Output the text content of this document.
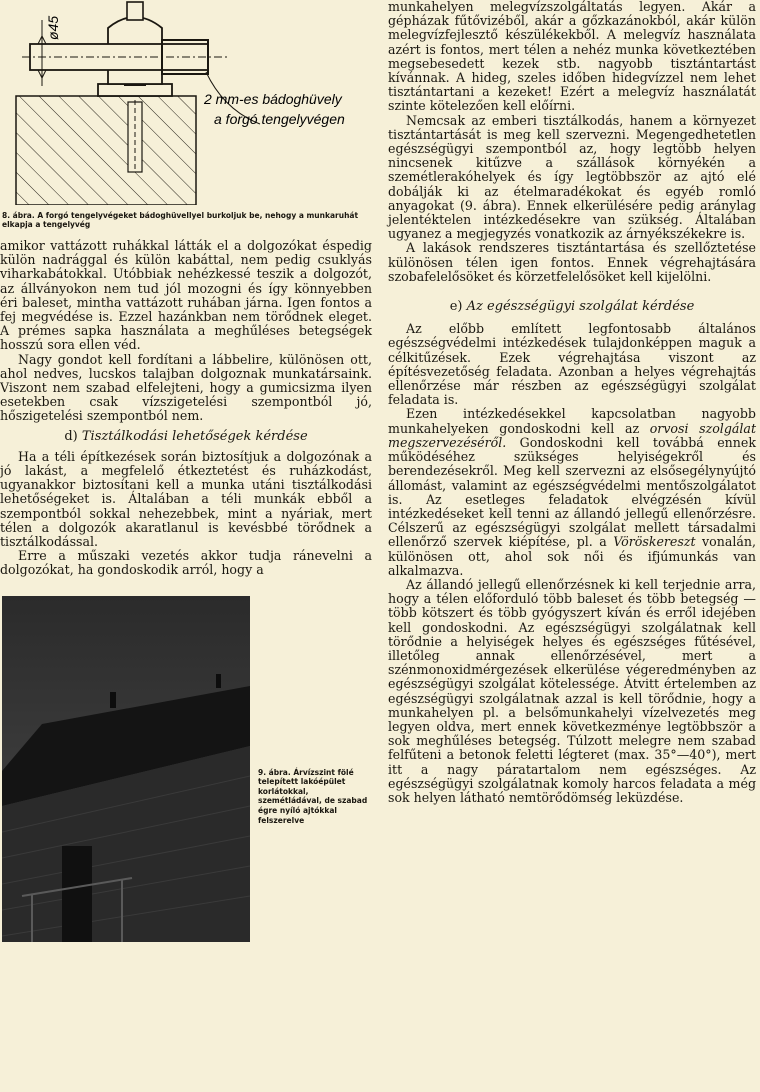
ø45
2 mm-es bádoghüvely
a forgó tengelyvégen
8. ábra. A forgó tengelyvégeket bádoghüvellyel burkoljuk be, nehogy a munkaruhát elkapja a tengelyvég

amikor vattázott ruhákkal látták el a dolgozókat éspedig külön nadrággal és külön kabáttal, nem pedig csuklyás viharkabátokkal. Utóbbiak nehézkessé teszik a dolgozót, az állványokon nem tud jól mozogni és így könnyebben éri baleset, mintha vattázott ruhában járna. Igen fontos a fej megvédése is. Ezzel hazánkban nem törődnek eleget. A prémes sapka használata a meghűléses betegségek hosszú sora ellen véd.

Nagy gondot kell fordítani a lábbelire, különösen ott, ahol nedves, lucskos talajban dolgoznak munkatársaink. Viszont nem szabad elfelejteni, hogy a gumicsizma ilyen esetekben csak vízszigetelési szempontból jó, hőszigetelési szempontból nem.

d) Tisztálkodási lehetőségek kérdése

Ha a téli építkezések során biztosítjuk a dolgozónak a jó lakást, a megfelelő étkeztetést és ruházkodást, ugyanakkor biztosítani kell a munka utáni tisztálkodási lehetőségeket is. Általában a téli munkák ebből a szempontból sokkal nehezebbek, mint a nyáriak, mert télen a dolgozók akaratlanul is kevésbbé törődnek a tisztálkodással.

Erre a műszaki vezetés akkor tudja ránevelni a dolgozókat, ha gondoskodik arról, hogy a

9. ábra. Árvízszint fölé telepített lakóépület korlátokkal, szemétládával, de szabad égre nyíló ajtókkal felszerelve

munkahelyen melegvízszolgáltatás legyen. Akár a gépházak fűtővizéből, akár a gőzkazánokból, akár külön melegvízfejlesztő készülékekből. A melegvíz használata azért is fontos, mert télen a nehéz munka következtében megsebesedett kezek stb. nagyobb tisztántartást kívánnak. A hideg, szeles időben hidegvízzel nem lehet tisztántartani a kezeket! Ezért a melegvíz használatát szinte kötelezően kell előírni.

Nemcsak az emberi tisztálkodás, hanem a környezet tisztántartását is meg kell szervezni. Megengedhetetlen egészségügyi szempontból az, hogy legtöbb helyen nincsenek kitűzve a szállások környékén a szemétlerakóhelyek és így legtöbbször az ajtó elé dobálják ki az ételmaradékokat és egyéb romló anyagokat (9. ábra). Ennek elkerülésére pedig aránylag jelentéktelen intézkedésekre van szükség. Általában ugyanez a megjegyzés vonatkozik az árnyékszékekre is.

A lakások rendszeres tisztántartása és szellőztetése különösen télen igen fontos. Ennek végrehajtására szobafelelősöket és körzetfelelősöket kell kijelölni.

e) Az egészségügyi szolgálat kérdése

Az előbb említett legfontosabb általános egészségvédelmi intézkedések tulajdonképpen maguk a célkitűzések. Ezek végrehajtása viszont az építésvezetőség feladata. Azonban a helyes végrehajtás ellenőrzése már részben az egészségügyi szolgálat feladata is.

Ezen intézkedésekkel kapcsolatban nagyobb munkahelyeken gondoskodni kell az orvosi szolgálat megszervezéséről. Gondoskodni kell továbbá ennek működéséhez szükséges helyiségekről és berendezésekről. Meg kell szervezni az elsősegélynyújtó állomást, valamint az egészségvédelmi mentőszolgálatot is. Az esetleges feladatok elvégzésén kívül intézkedéseket kell tenni az állandó jellegű ellenőrzésre. Célszerű az egészségügyi szolgálat mellett társadalmi ellenőrző szervek kiépítése, pl. a Vöröskereszt vonalán, különösen ott, ahol sok női és ifjúmunkás van alkalmazva.

Az állandó jellegű ellenőrzésnek ki kell terjednie arra, hogy a télen előforduló több baleset és több betegség — több kötszert és több gyógyszert kíván és erről idejében kell gondoskodni. Az egészségügyi szolgálatnak kell törődnie a helyiségek helyes és egészséges fűtésével, illetőleg annak ellenőrzésével, mert a szénmonoxidmérgezések elkerülése végeredményben az egészségügyi szolgálat kötelessége. Átvitt értelemben az egészségügyi szolgálatnak azzal is kell törődnie, hogy a munkahelyen pl. a belsőmunkahelyi vízelvezetés meg legyen oldva, mert ennek következménye legtöbbször a sok meghűléses betegség. Túlzott melegre nem szabad felfűteni a betonok feletti légteret (max. 35°—40°), mert itt a nagy páratartalom nem egészséges. Az egészségügyi szolgálatnak komoly harcos feladata a még sok helyen látható nemtörődömség leküzdése.
